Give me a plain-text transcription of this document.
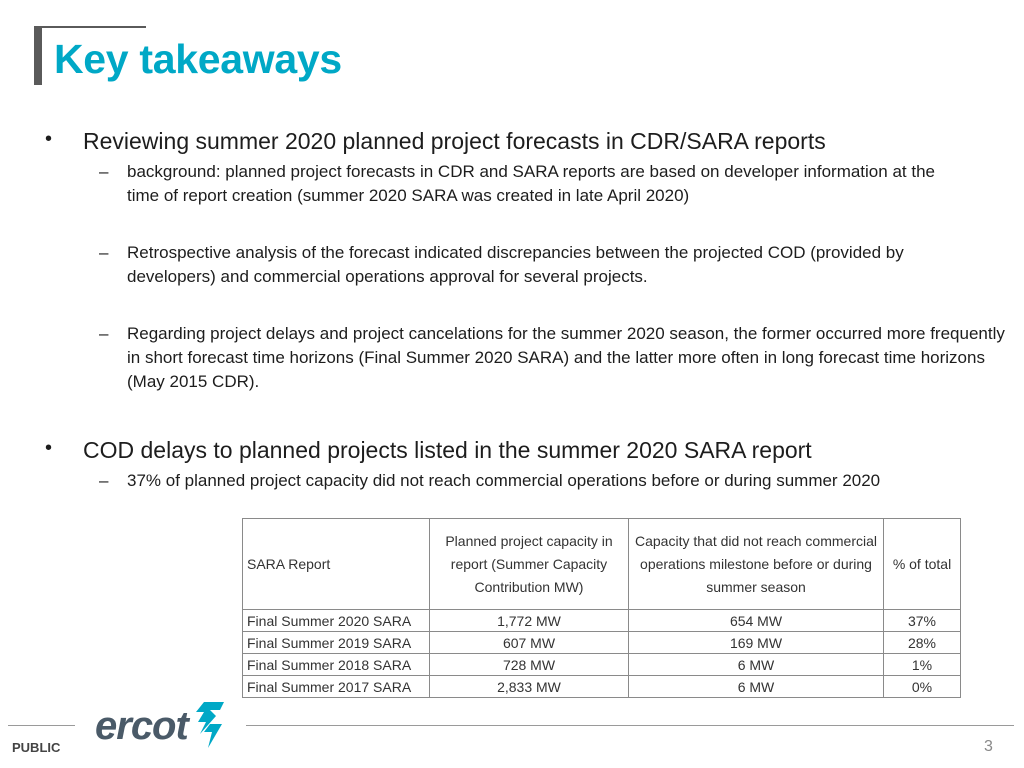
Key takeaways
• Reviewing summer 2020 planned project forecasts in CDR/SARA reports
– background: planned project forecasts in CDR and SARA reports are based on developer information at the time of report creation (summer 2020 SARA was created in late April 2020)
– Retrospective analysis of the forecast indicated discrepancies between the projected COD (provided by developers) and commercial operations approval for several projects.
– Regarding project delays and project cancelations for the summer 2020 season, the former occurred more frequently in short forecast time horizons (Final Summer 2020 SARA) and the latter more often in long forecast time horizons (May 2015 CDR).
• COD delays to planned projects listed in the summer 2020 SARA report
– 37% of planned project capacity did not reach commercial operations before or during summer 2020
SARA Report	Planned project capacity in report (Summer Capacity Contribution MW)	Capacity that did not reach commercial operations milestone before or during summer season	% of total
Final Summer 2020 SARA	1,772 MW	654 MW	37%
Final Summer 2019 SARA	607 MW	169 MW	28%
Final Summer 2018 SARA	728 MW	6 MW	1%
Final Summer 2017 SARA	2,833 MW	6 MW	0%
PUBLIC ercot	3
